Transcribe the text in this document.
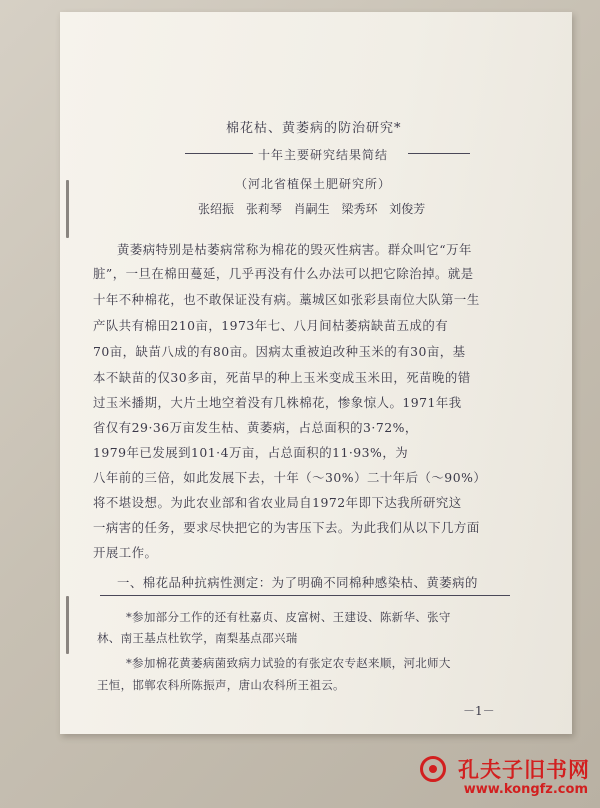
棉花枯、黄萎病的防治研究*
十年主要研究结果简结
（河北省植保土肥研究所）
张绍振 张莉琴 肖嗣生 梁秀环 刘俊芳
黄萎病特别是枯萎病常称为棉花的毁灭性病害。群众叫它“万年
脏”，一旦在棉田蔓延，几乎再没有什么办法可以把它除治掉。就是
十年不种棉花，也不敢保证没有病。藁城区如张彩县南位大队第一生
产队共有棉田210亩，1973年七、八月间枯萎病缺苗五成的有
70亩，缺苗八成的有80亩。因病太重被迫改种玉米的有30亩，基
本不缺苗的仅30多亩，死苗早的种上玉米变成玉米田，死苗晚的错
过玉米播期，大片土地空着没有几株棉花，惨象惊人。1971年我
省仅有29·36万亩发生枯、黄萎病，占总面积的3·72%，
1979年已发展到101·4万亩，占总面积的11·93%，为
八年前的三倍，如此发展下去，十年（～30%）二十年后（～90%）
将不堪设想。为此农业部和省农业局自1972年即下达我所研究这
一病害的任务，要求尽快把它的为害压下去。为此我们从以下几方面
开展工作。
一、棉花品种抗病性测定：为了明确不同棉种感染枯、黄萎病的
*参加部分工作的还有杜嘉贞、皮富树、王建设、陈新华、张守
林、南王基点杜钦学，南梨基点邵兴瑞
*参加棉花黄萎病菌致病力试验的有张定农专赵来顺，河北师大
王恒，邯郸农科所陈振声，唐山农科所王祖云。
－1－
孔夫子旧书网
www.kongfz.com
